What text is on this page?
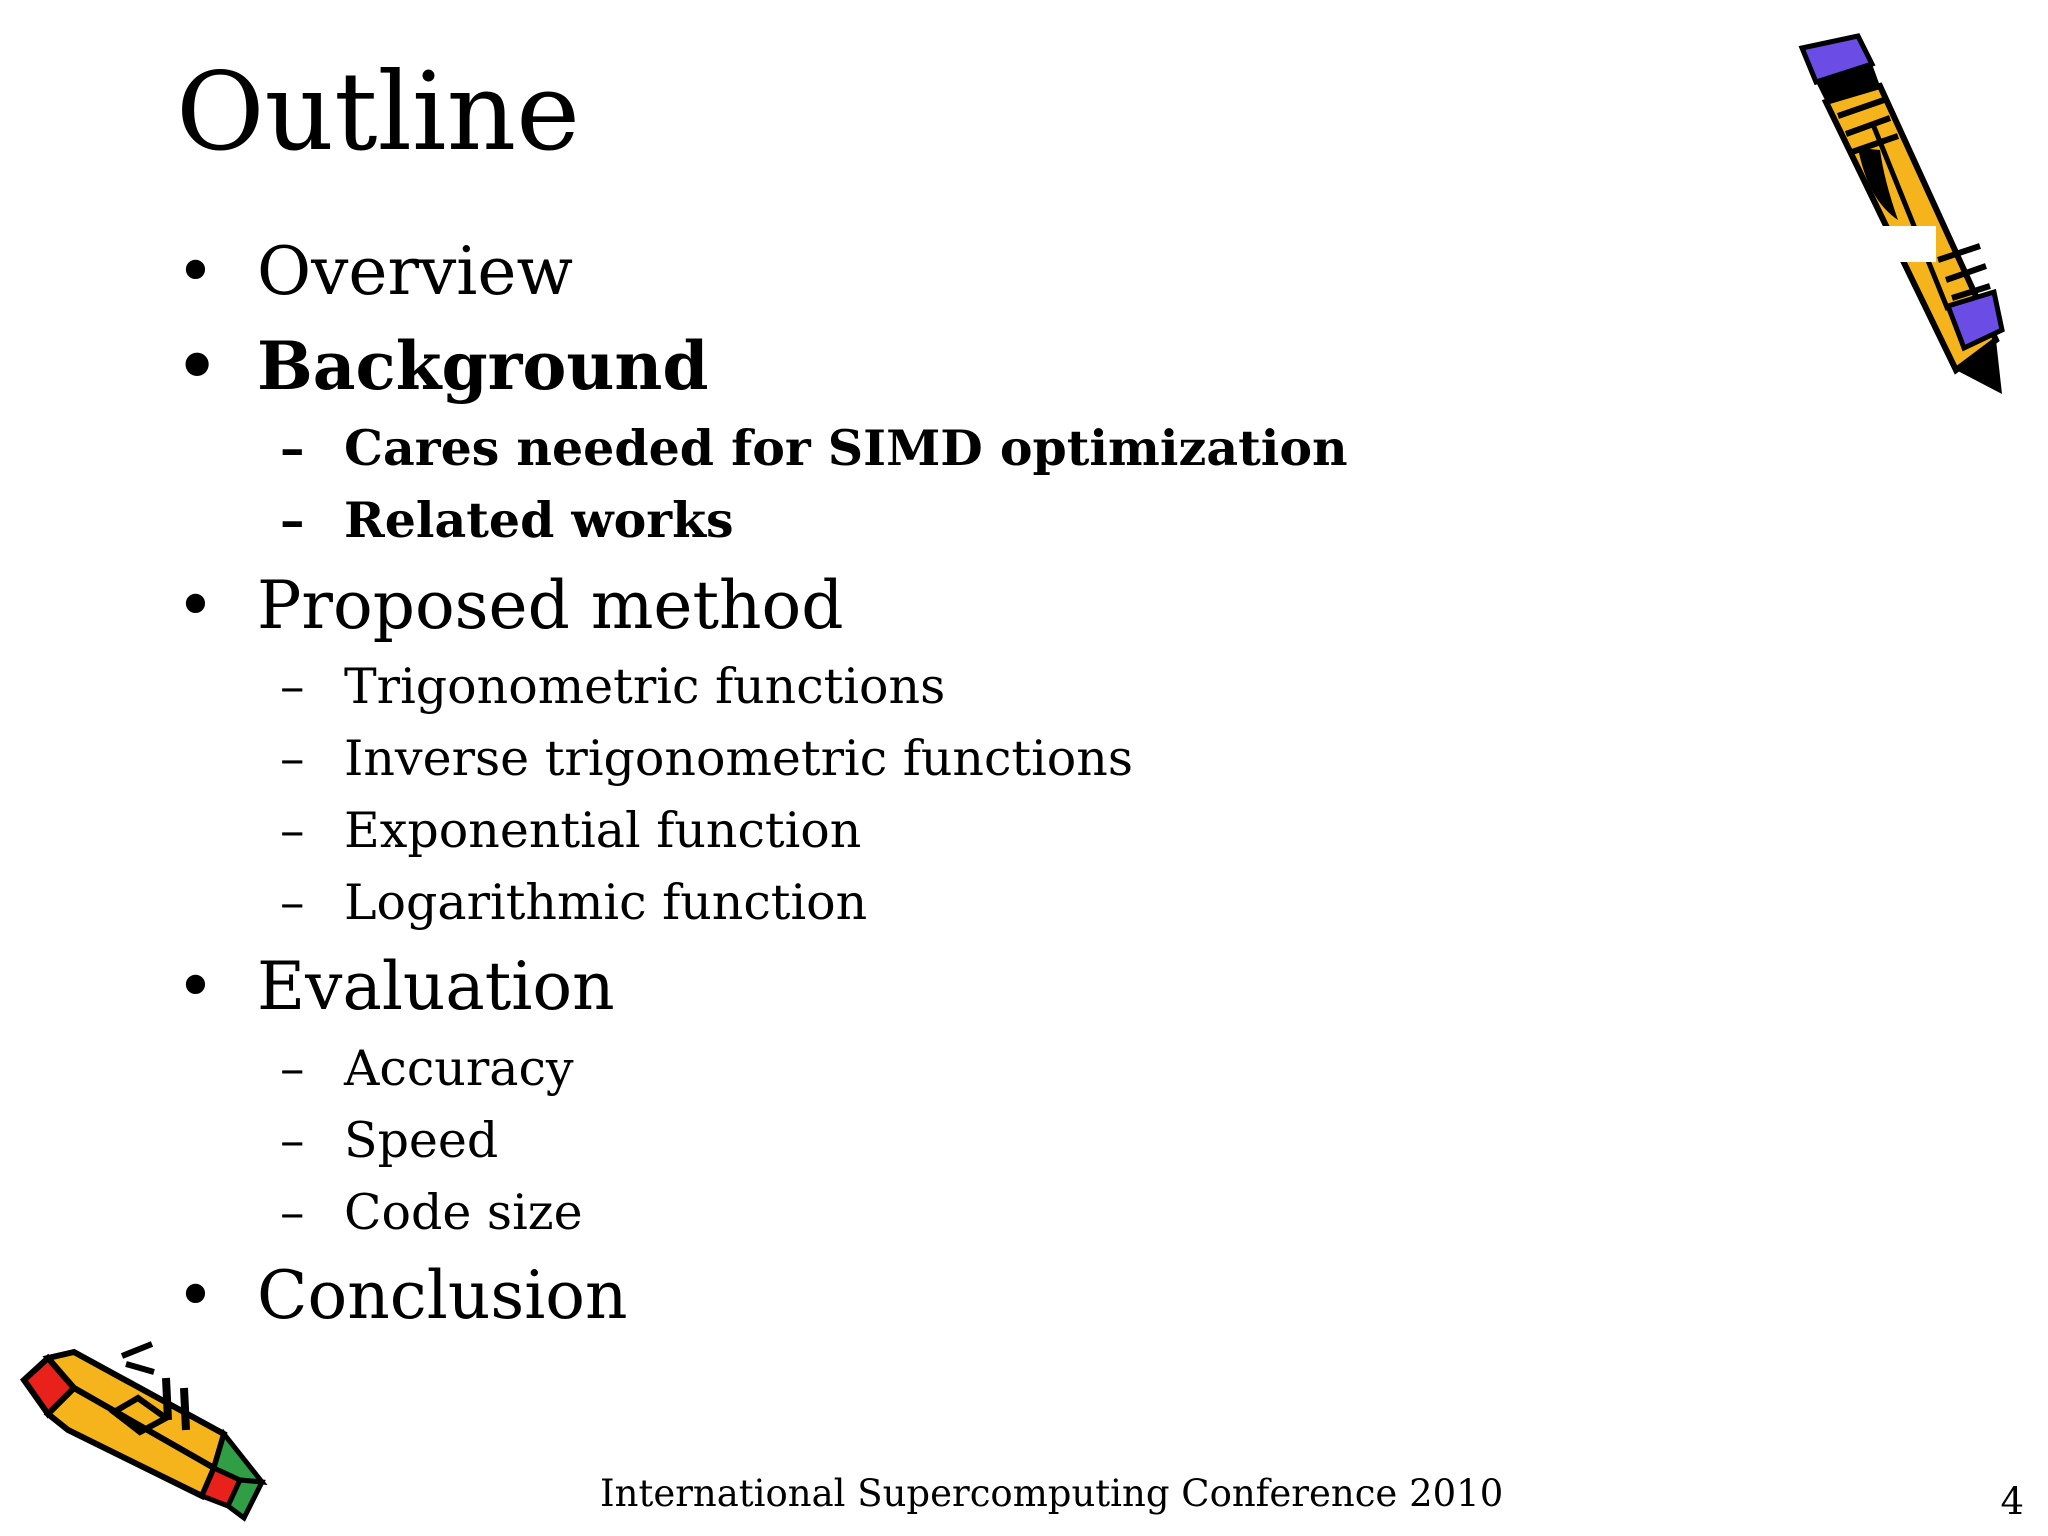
Outline
• Overview
• Background
– Cares needed for SIMD optimization
– Related works
• Proposed method
– Trigonometric functions
– Inverse trigonometric functions
– Exponential function
– Logarithmic function
• Evaluation
– Accuracy
– Speed
– Code size
• Conclusion
International Supercomputing Conference 2010	4
